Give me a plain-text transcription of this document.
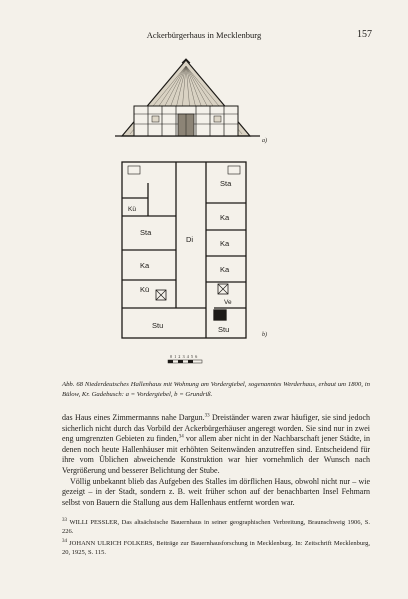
Ackerbürgerhaus in Mecklenburg	157
a)
Sta
Kü
Sta
Di
Ka
Ka
Ka
Ka
Kü
Ve
Stu	Stu
b)
0 1 2 3 4 5 6

Abb. 68 Niederdeutsches Hallenhaus mit Wohnung am Vordergiebel, sogenanntes Werderhaus, erbaut um 1800, in Bülow, Kr. Gadebusch: a = Vordergiebel, b = Grundriß.

das Haus eines Zimmermanns nahe Dargun.$^{33}$ Dreiständer waren zwar häufiger, sie sind jedoch sicherlich nicht durch das Vorbild der Ackerbürgerhäuser angeregt worden. Sie sind nur in zwei eng umgrenzten Gebieten zu finden,$^{34}$ vor allem aber nicht in der Nachbarschaft jener Städte, in denen noch heute Hallenhäuser mit erhöhten Seitenwänden anzutreffen sind. Entscheidend für ihre vom Üblichen abweichende Konstruktion war hier vornehmlich der Wunsch nach Vergrößerung und besserer Belichtung der Stube.
Völlig unbekannt blieb das Aufgeben des Stalles im dörflichen Haus, obwohl nicht nur – wie gezeigt – in der Stadt, sondern z. B. weit früher schon auf der benachbarten Insel Fehmarn selbst von Bauern die Stallung aus dem Hallenhaus entfernt worden war.

$^{33}$ WILLI PESSLER, Das altsächsische Bauernhaus in seiner geographischen Verbreitung, Braunschweig 1906, S. 226.

$^{34}$ JOHANN ULRICH FOLKERS, Beiträge zur Bauernhausforschung in Mecklenburg. In: Zeitschrift Mecklenburg, 20, 1925, S. 115.
